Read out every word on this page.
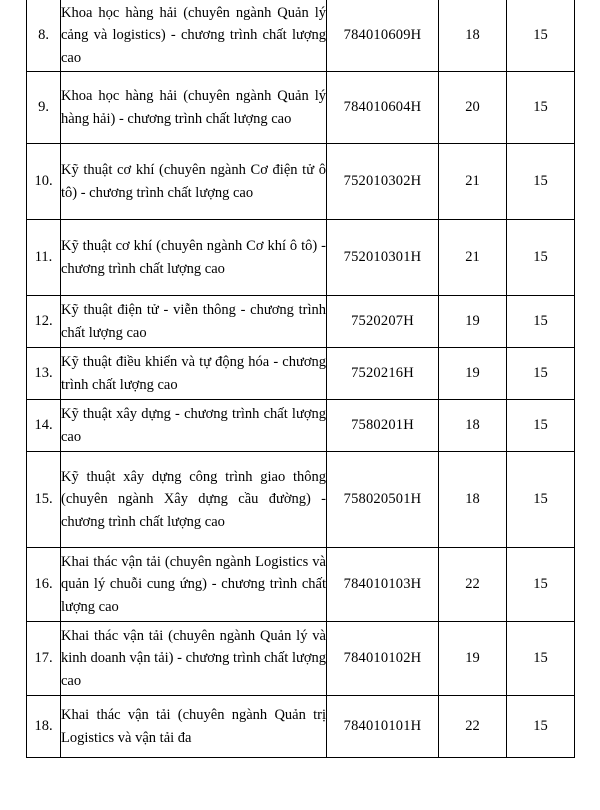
8.	Khoa học hàng hải (chuyên ngành Quản lý cảng và logistics) - chương trình chất lượng cao	784010609H	18	15
9.	Khoa học hàng hải (chuyên ngành Quản lý hàng hải) - chương trình chất lượng cao	784010604H	20	15
10.	Kỹ thuật cơ khí (chuyên ngành Cơ điện tử ô tô) - chương trình chất lượng cao	752010302H	21	15
11.	Kỹ thuật cơ khí (chuyên ngành Cơ khí ô tô) - chương trình chất lượng cao	752010301H	21	15
12.	Kỹ thuật điện tử - viễn thông - chương trình chất lượng cao	7520207H	19	15
13.	Kỹ thuật điều khiển và tự động hóa - chương trình chất lượng cao	7520216H	19	15
14.	Kỹ thuật xây dựng - chương trình chất lượng cao	7580201H	18	15
15.	Kỹ thuật xây dựng công trình giao thông (chuyên ngành Xây dựng cầu đường) - chương trình chất lượng cao	758020501H	18	15
16.	Khai thác vận tải (chuyên ngành Logistics và quản lý chuỗi cung ứng) - chương trình chất lượng cao	784010103H	22	15
17.	Khai thác vận tải (chuyên ngành Quản lý và kinh doanh vận tải) - chương trình chất lượng cao	784010102H	19	15
18.	Khai thác vận tải (chuyên ngành Quản trị Logistics và vận tải đa	784010101H	22	15
